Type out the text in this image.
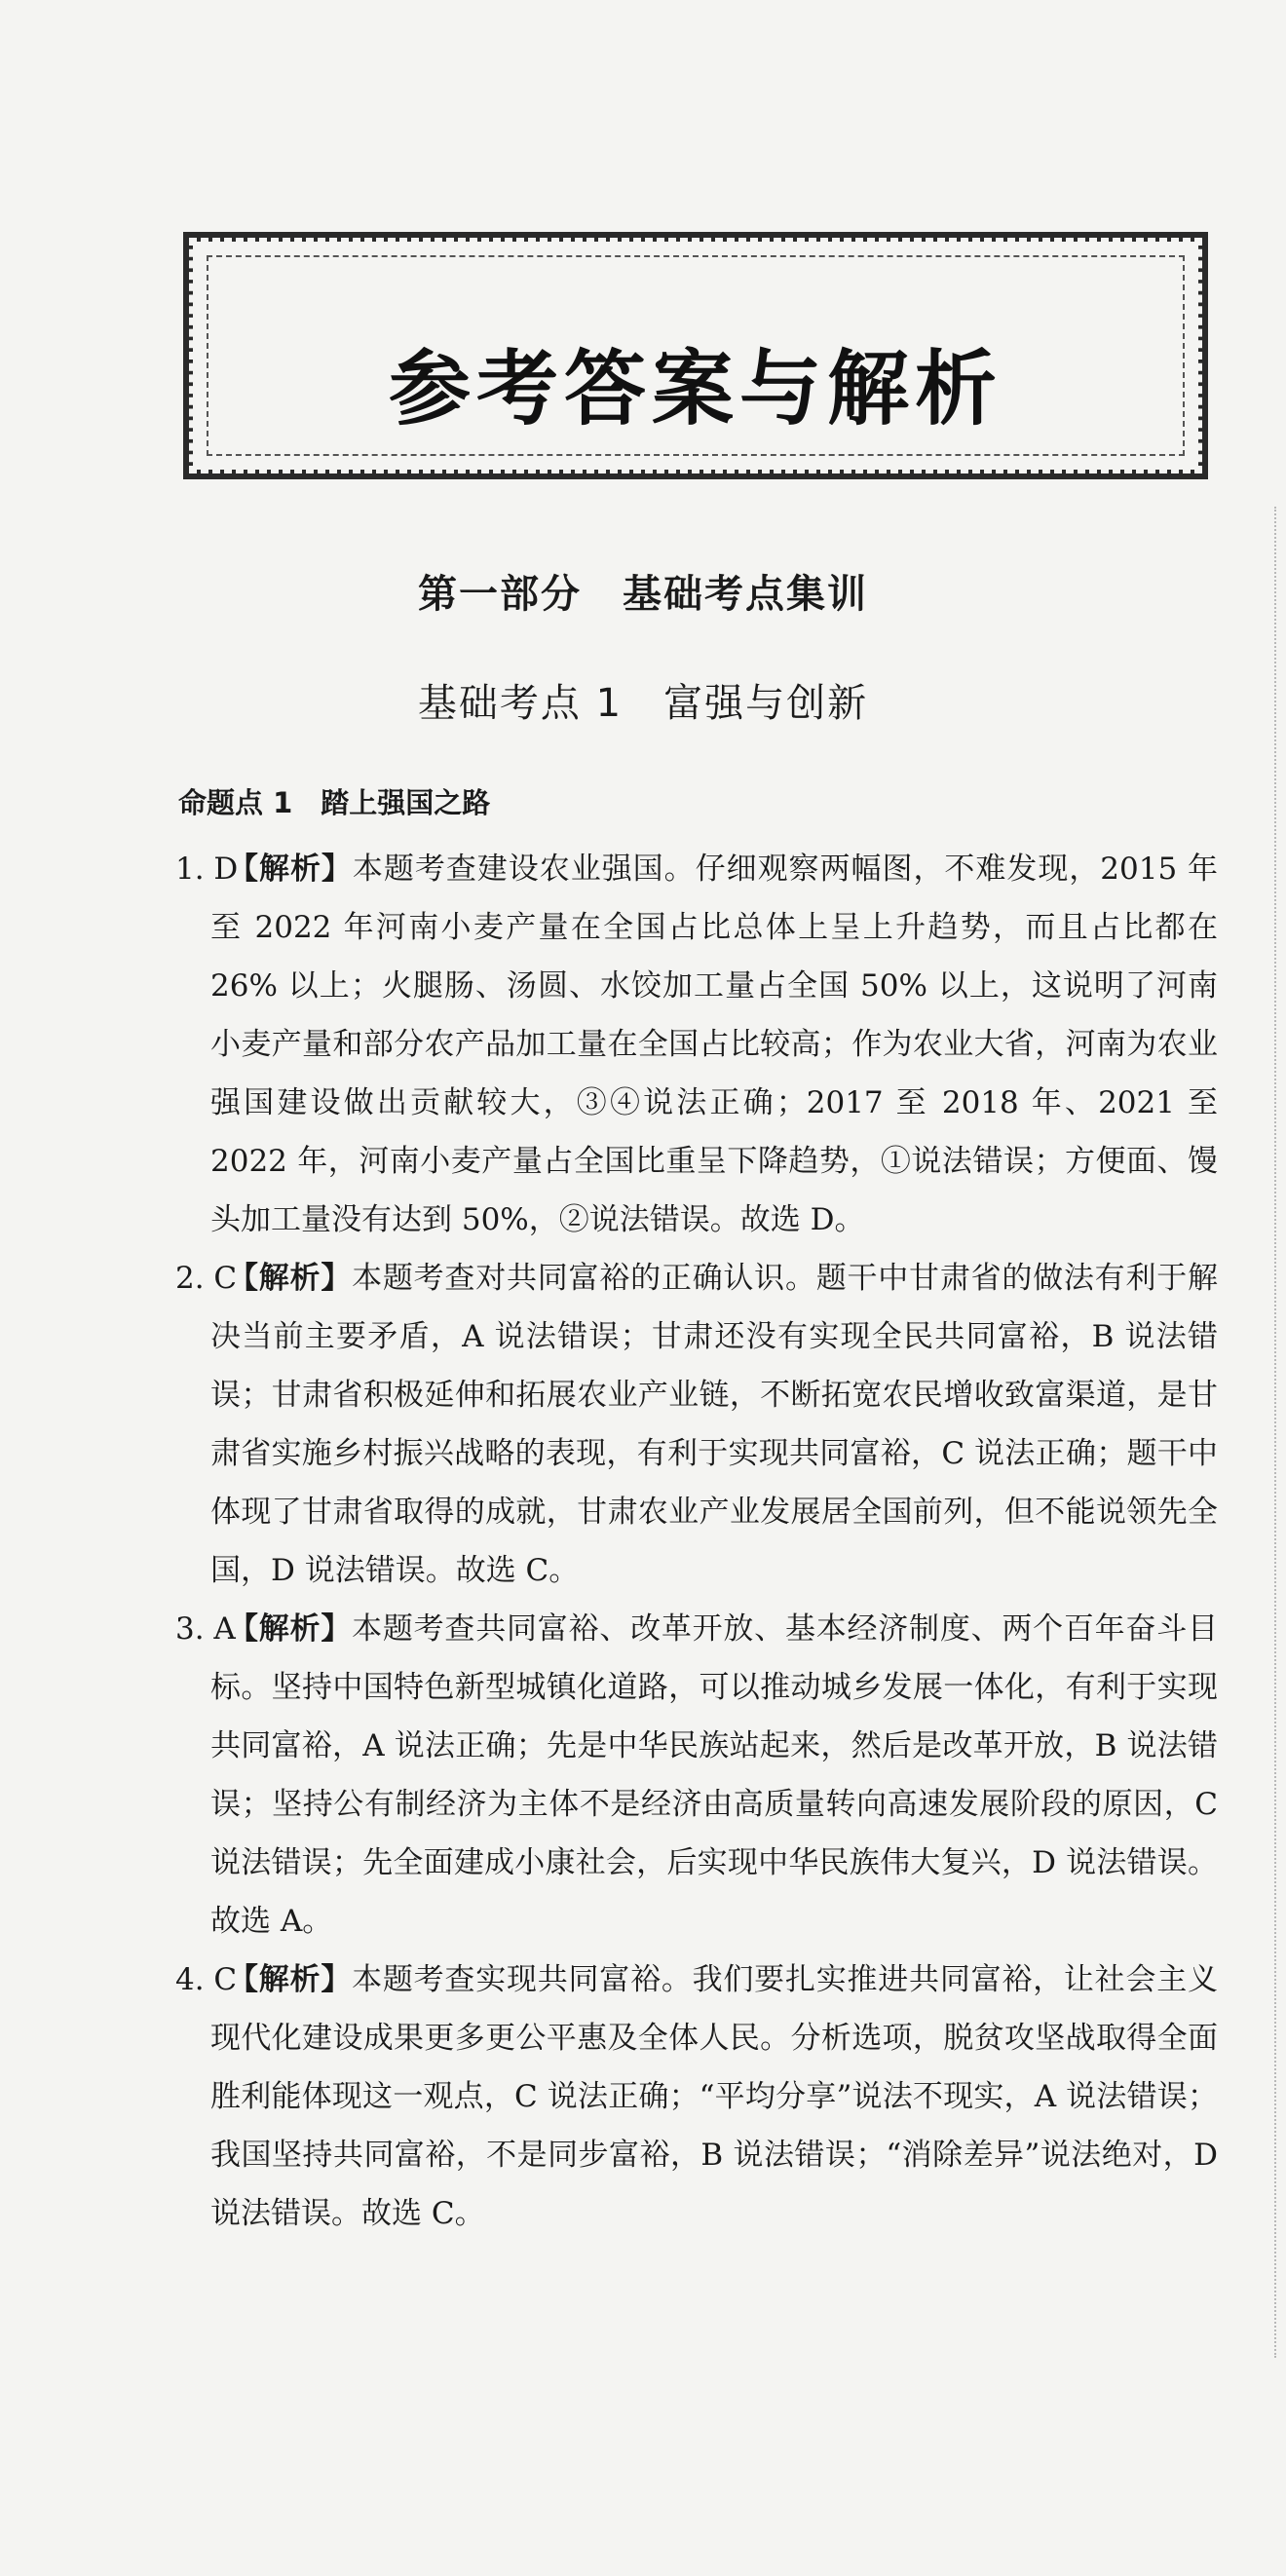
参考答案与解析
第一部分　基础考点集训
基础考点 1　富强与创新
命题点 1　踏上强国之路
1. D
【解析】本题考查建设农业强国。仔细观察两幅图，不难发现，2015 年至 2022 年河南小麦产量在全国占比总体上呈上升趋势，而且占比都在 26% 以上；火腿肠、汤圆、水饺加工量占全国 50% 以上，这说明了河南小麦产量和部分农产品加工量在全国占比较高；作为农业大省，河南为农业强国建设做出贡献较大，③④说法正确；2017 至 2018 年、2021 至 2022 年，河南小麦产量占全国比重呈下降趋势，①说法错误；方便面、馒头加工量没有达到 50%，②说法错误。故选 D。
2. C
【解析】本题考查对共同富裕的正确认识。题干中甘肃省的做法有利于解决当前主要矛盾，A 说法错误；甘肃还没有实现全民共同富裕，B 说法错误；甘肃省积极延伸和拓展农业产业链，不断拓宽农民增收致富渠道，是甘肃省实施乡村振兴战略的表现，有利于实现共同富裕，C 说法正确；题干中体现了甘肃省取得的成就，甘肃农业产业发展居全国前列，但不能说领先全国，D 说法错误。故选 C。
3. A
【解析】本题考查共同富裕、改革开放、基本经济制度、两个百年奋斗目标。坚持中国特色新型城镇化道路，可以推动城乡发展一体化，有利于实现共同富裕，A 说法正确；先是中华民族站起来，然后是改革开放，B 说法错误；坚持公有制经济为主体不是经济由高质量转向高速发展阶段的原因，C 说法错误；先全面建成小康社会，后实现中华民族伟大复兴，D 说法错误。故选 A。
4. C
【解析】本题考查实现共同富裕。我们要扎实推进共同富裕，让社会主义现代化建设成果更多更公平惠及全体人民。分析选项，脱贫攻坚战取得全面胜利能体现这一观点，C 说法正确；“平均分享”说法不现实，A 说法错误；我国坚持共同富裕，不是同步富裕，B 说法错误；“消除差异”说法绝对，D 说法错误。故选 C。
